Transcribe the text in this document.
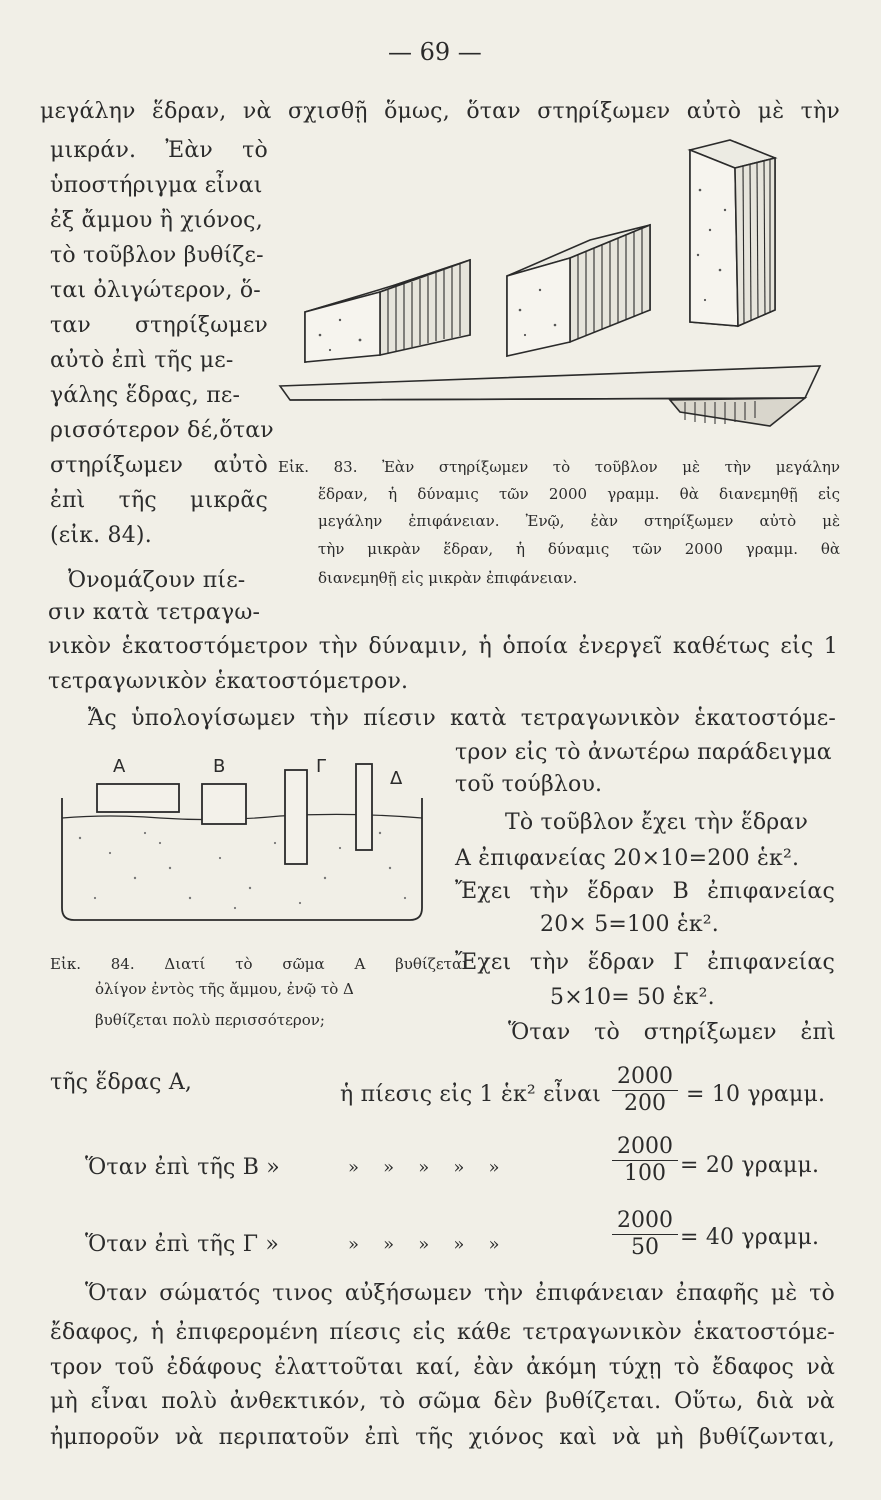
— 69 —
μεγάλην ἕδραν, νὰ σχισθῇ ὅμως, ὅταν στηρίξωμεν αὐτὸ μὲ τὴν
μικράν. Ἐὰν τὸ
ὑποστήριγμα εἶναι
ἐξ ἄμμου ἢ χιόνος,
τὸ τοῦβλον βυθίζε-
ται ὀλιγώτερον, ὅ-
ταν στηρίξωμεν
αὐτὸ ἐπὶ τῆς με-
γάλης ἕδρας, πε-
ρισσότερον δέ,ὅταν
στηρίξωμεν αὐτὸ
ἐπὶ τῆς μικρᾶς
(εἰκ. 84).
Εἰκ. 83. Ἐὰν στηρίξωμεν τὸ τοῦβλον μὲ τὴν μεγάλην
ἕδραν, ἡ δύναμις τῶν 2000 γραμμ. θὰ διανεμηθῇ εἰς
μεγάλην ἐπιφάνειαν. Ἐνῷ, ἐὰν στηρίξωμεν αὐτὸ μὲ
τὴν μικρὰν ἕδραν, ἡ δύναμις τῶν 2000 γραμμ. θὰ
διανεμηθῇ εἰς μικρὰν ἐπιφάνειαν.
Ὀνομάζουν πίε-
σιν κατὰ τετραγω-
νικὸν ἑκατοστόμετρον τὴν δύναμιν, ἡ ὁποία ἐνεργεῖ καθέτως εἰς 1
τετραγωνικὸν ἑκατοστόμετρον.
Ἄς ὑπολογίσωμεν τὴν πίεσιν κατὰ τετραγωνικὸν ἑκατοστόμε-
τρον εἰς τὸ ἀνωτέρω παράδειγμα
τοῦ τούβλου.
Α	Β	Γ
Δ
Εἰκ. 84. Διατί τὸ σῶμα Α βυθίζεται
ὀλίγον ἐντὸς τῆς ἄμμου, ἐνῷ τὸ Δ
βυθίζεται πολὺ περισσότερον;
Τὸ τοῦβλον ἔχει τὴν ἕδραν
Α ἐπιφανείας 20×10=200 ἑκ².
Ἔχει τὴν ἕδραν Β ἐπιφανείας
20× 5=100 ἑκ².
Ἔχει τὴν ἕδραν Γ ἐπιφανείας
5×10= 50 ἑκ².
Ὅταν τὸ στηρίξωμεν ἐπὶ
τῆς ἕδρας Α,	ἡ πίεσις εἰς 1 ἑκ² εἶναι
2000
200 = 10 γραμμ.
Ὅταν ἐπὶ τῆς Β »	» » » » »
2000
100 = 20 γραμμ.
Ὅταν ἐπὶ τῆς Γ »	» » » » »
2000
50 = 40 γραμμ.
Ὅταν σώματός τινος αὐξήσωμεν τὴν ἐπιφάνειαν ἐπαφῆς μὲ τὸ
ἔδαφος, ἡ ἐπιφερομένη πίεσις εἰς κάθε τετραγωνικὸν ἑκατοστόμε-
τρον τοῦ ἐδάφους ἐλαττοῦται καί, ἐὰν ἀκόμη τύχῃ τὸ ἔδαφος νὰ
μὴ εἶναι πολὺ ἀνθεκτικόν, τὸ σῶμα δὲν βυθίζεται. Οὕτω, διὰ νὰ
ἠμποροῦν νὰ περιπατοῦν ἐπὶ τῆς χιόνος καὶ νὰ μὴ βυθίζωνται,
